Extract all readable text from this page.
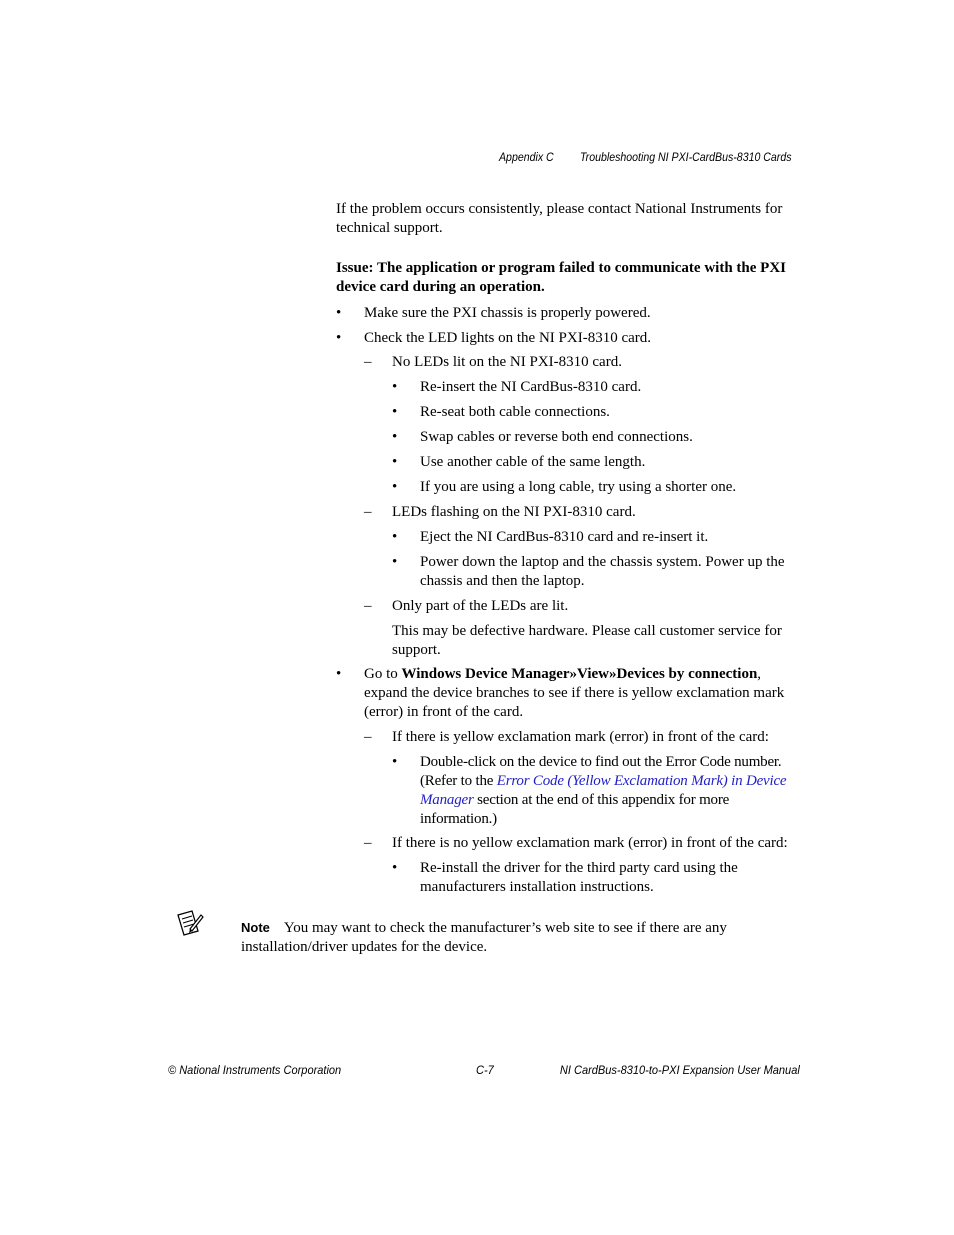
Appendix C Troubleshooting NI PXI-CardBus-8310 Cards
If the problem occurs consistently, please contact National Instruments for technical support.
Issue: The application or program failed to communicate with the PXI device card during an operation.
• Make sure the PXI chassis is properly powered.
• Check the LED lights on the NI PXI-8310 card.
– No LEDs lit on the NI PXI-8310 card.
• Re-insert the NI CardBus-8310 card.
• Re-seat both cable connections.
• Swap cables or reverse both end connections.
• Use another cable of the same length.
• If you are using a long cable, try using a shorter one.
– LEDs flashing on the NI PXI-8310 card.
• Eject the NI CardBus-8310 card and re-insert it.
• Power down the laptop and the chassis system. Power up the chassis and then the laptop.
– Only part of the LEDs are lit.
This may be defective hardware. Please call customer service for support.
• Go to Windows Device Manager»View»Devices by connection, expand the device branches to see if there is yellow exclamation mark (error) in front of the card.
– If there is yellow exclamation mark (error) in front of the card:
• Double-click on the device to find out the Error Code number. (Refer to the Error Code (Yellow Exclamation Mark) in Device Manager section at the end of this appendix for more information.)
– If there is no yellow exclamation mark (error) in front of the card:
• Re-install the driver for the third party card using the manufacturers installation instructions.
Note You may want to check the manufacturer’s web site to see if there are any installation/driver updates for the device.
© National Instruments Corporation	C-7	NI CardBus-8310-to-PXI Expansion User Manual
